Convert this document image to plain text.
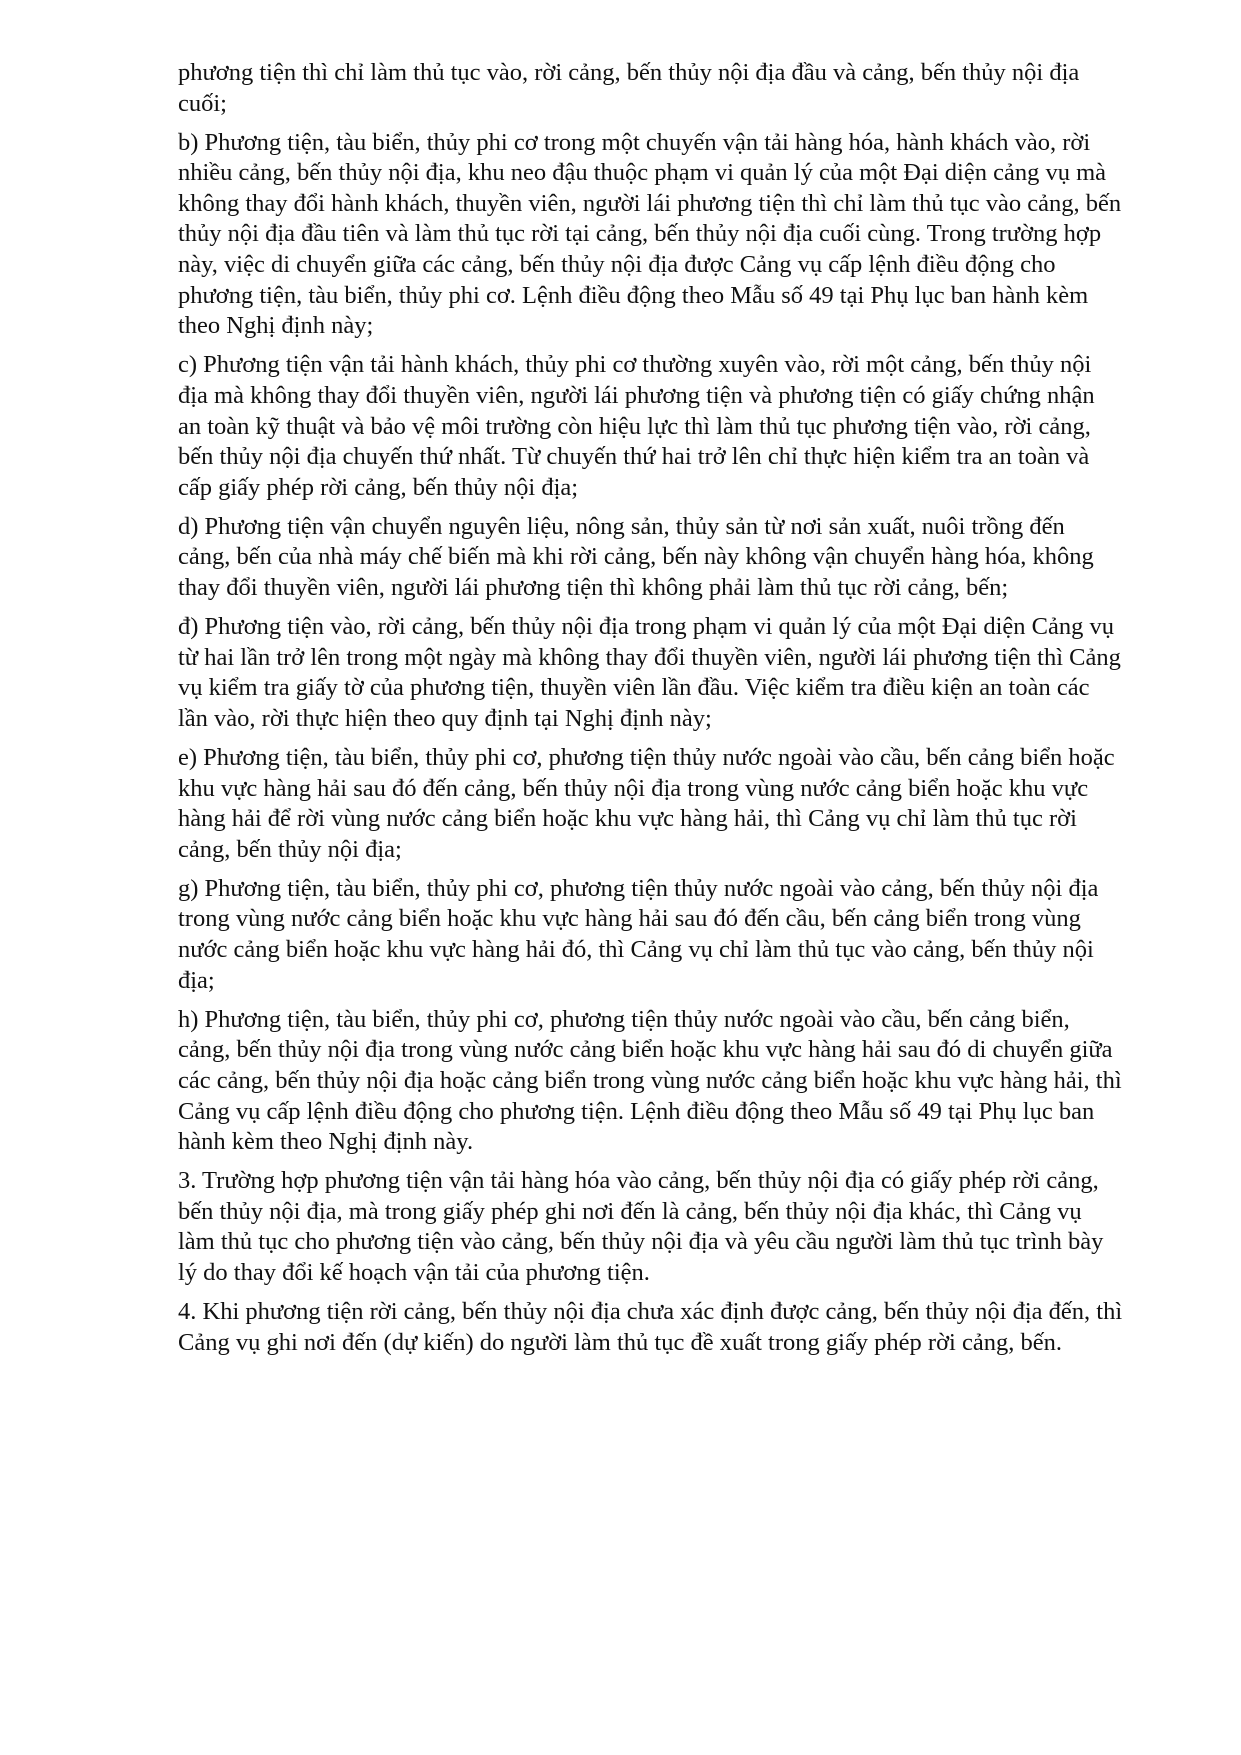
phương tiện thì chỉ làm thủ tục vào, rời cảng, bến thủy nội địa đầu và cảng, bến thủy nội địa cuối;

b) Phương tiện, tàu biển, thủy phi cơ trong một chuyến vận tải hàng hóa, hành khách vào, rời nhiều cảng, bến thủy nội địa, khu neo đậu thuộc phạm vi quản lý của một Đại diện cảng vụ mà không thay đổi hành khách, thuyền viên, người lái phương tiện thì chỉ làm thủ tục vào cảng, bến thủy nội địa đầu tiên và làm thủ tục rời tại cảng, bến thủy nội địa cuối cùng. Trong trường hợp này, việc di chuyển giữa các cảng, bến thủy nội địa được Cảng vụ cấp lệnh điều động cho phương tiện, tàu biển, thủy phi cơ. Lệnh điều động theo Mẫu số 49 tại Phụ lục ban hành kèm theo Nghị định này;

c) Phương tiện vận tải hành khách, thủy phi cơ thường xuyên vào, rời một cảng, bến thủy nội địa mà không thay đổi thuyền viên, người lái phương tiện và phương tiện có giấy chứng nhận an toàn kỹ thuật và bảo vệ môi trường còn hiệu lực thì làm thủ tục phương tiện vào, rời cảng, bến thủy nội địa chuyến thứ nhất. Từ chuyến thứ hai trở lên chỉ thực hiện kiểm tra an toàn và cấp giấy phép rời cảng, bến thủy nội địa;

d) Phương tiện vận chuyển nguyên liệu, nông sản, thủy sản từ nơi sản xuất, nuôi trồng đến cảng, bến của nhà máy chế biến mà khi rời cảng, bến này không vận chuyển hàng hóa, không thay đổi thuyền viên, người lái phương tiện thì không phải làm thủ tục rời cảng, bến;

đ) Phương tiện vào, rời cảng, bến thủy nội địa trong phạm vi quản lý của một Đại diện Cảng vụ từ hai lần trở lên trong một ngày mà không thay đổi thuyền viên, người lái phương tiện thì Cảng vụ kiểm tra giấy tờ của phương tiện, thuyền viên lần đầu. Việc kiểm tra điều kiện an toàn các lần vào, rời thực hiện theo quy định tại Nghị định này;

e) Phương tiện, tàu biển, thủy phi cơ, phương tiện thủy nước ngoài vào cầu, bến cảng biển hoặc khu vực hàng hải sau đó đến cảng, bến thủy nội địa trong vùng nước cảng biển hoặc khu vực hàng hải để rời vùng nước cảng biển hoặc khu vực hàng hải, thì Cảng vụ chỉ làm thủ tục rời cảng, bến thủy nội địa;

g) Phương tiện, tàu biển, thủy phi cơ, phương tiện thủy nước ngoài vào cảng, bến thủy nội địa trong vùng nước cảng biển hoặc khu vực hàng hải sau đó đến cầu, bến cảng biển trong vùng nước cảng biển hoặc khu vực hàng hải đó, thì Cảng vụ chỉ làm thủ tục vào cảng, bến thủy nội địa;

h) Phương tiện, tàu biển, thủy phi cơ, phương tiện thủy nước ngoài vào cầu, bến cảng biển, cảng, bến thủy nội địa trong vùng nước cảng biển hoặc khu vực hàng hải sau đó di chuyển giữa các cảng, bến thủy nội địa hoặc cảng biển trong vùng nước cảng biển hoặc khu vực hàng hải, thì Cảng vụ cấp lệnh điều động cho phương tiện. Lệnh điều động theo Mẫu số 49 tại Phụ lục ban hành kèm theo Nghị định này.

3. Trường hợp phương tiện vận tải hàng hóa vào cảng, bến thủy nội địa có giấy phép rời cảng, bến thủy nội địa, mà trong giấy phép ghi nơi đến là cảng, bến thủy nội địa khác, thì Cảng vụ làm thủ tục cho phương tiện vào cảng, bến thủy nội địa và yêu cầu người làm thủ tục trình bày lý do thay đổi kế hoạch vận tải của phương tiện.

4. Khi phương tiện rời cảng, bến thủy nội địa chưa xác định được cảng, bến thủy nội địa đến, thì Cảng vụ ghi nơi đến (dự kiến) do người làm thủ tục đề xuất trong giấy phép rời cảng, bến.
